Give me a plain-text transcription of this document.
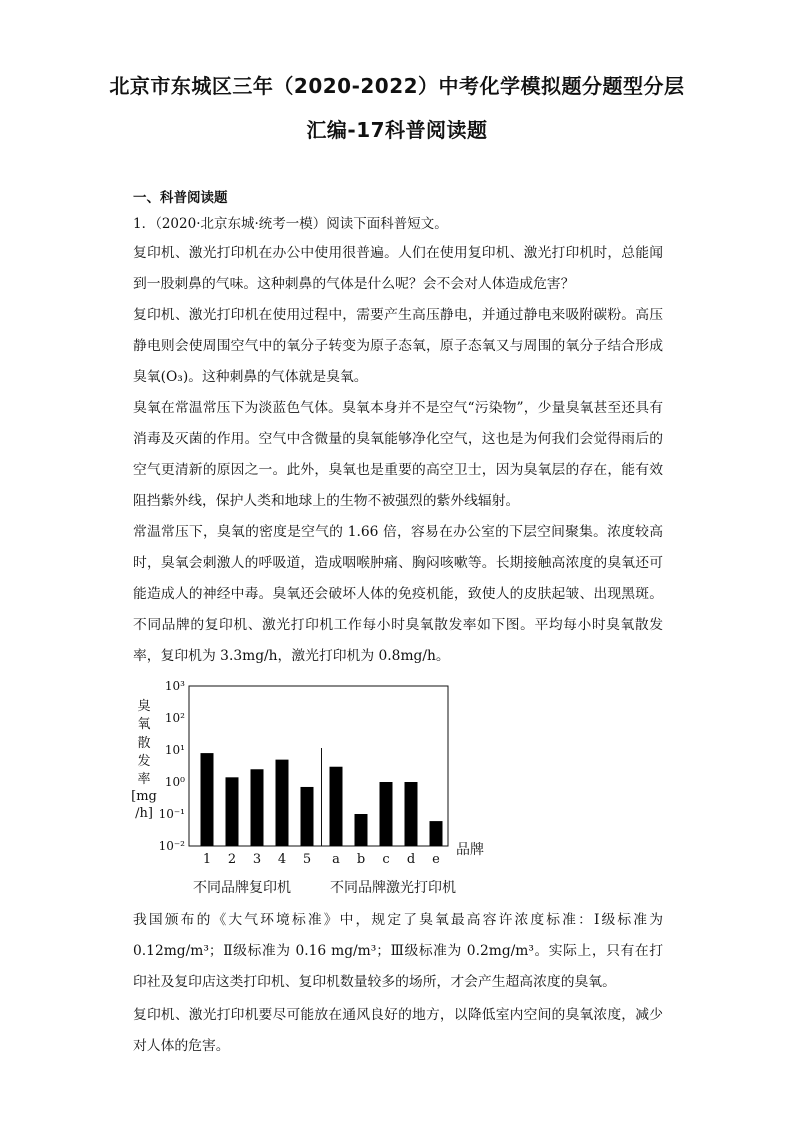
北京市东城区三年（2020-2022）中考化学模拟题分题型分层
汇编-17科普阅读题
一、科普阅读题
1．（2020·北京东城·统考一模）阅读下面科普短文。
复印机、激光打印机在办公中使用很普遍。人们在使用复印机、激光打印机时，总能闻到一股刺鼻的气味。这种刺鼻的气体是什么呢？会不会对人体造成危害？
复印机、激光打印机在使用过程中，需要产生高压静电，并通过静电来吸附碳粉。高压静电则会使周围空气中的氧分子转变为原子态氧，原子态氧又与周围的氧分子结合形成臭氧(O₃)。这种刺鼻的气体就是臭氧。
臭氧在常温常压下为淡蓝色气体。臭氧本身并不是空气“污染物”，少量臭氧甚至还具有消毒及灭菌的作用。空气中含微量的臭氧能够净化空气，这也是为何我们会觉得雨后的空气更清新的原因之一。此外，臭氧也是重要的高空卫士，因为臭氧层的存在，能有效阻挡紫外线，保护人类和地球上的生物不被强烈的紫外线辐射。
常温常压下，臭氧的密度是空气的 1.66 倍，容易在办公室的下层空间聚集。浓度较高时，臭氧会刺激人的呼吸道，造成咽喉肿痛、胸闷咳嗽等。长期接触高浓度的臭氧还可能造成人的神经中毒。臭氧还会破坏人体的免疫机能，致使人的皮肤起皱、出现黑斑。不同品牌的复印机、激光打印机工作每小时臭氧散发率如下图。平均每小时臭氧散发率，复印机为 3.3mg/h，激光打印机为 0.8mg/h。
10³
10²
10¹
10⁰
10⁻¹
10⁻²
臭
氧
散
发
率
[mg
/h]
1 2 3 4 5 a b c d e
品牌
不同品牌复印机	不同品牌激光打印机
我国颁布的《大气环境标准》中，规定了臭氧最高容许浓度标准：Ⅰ级标准为0.12mg/m³；Ⅱ级标准为 0.16 mg/m³；Ⅲ级标准为 0.2mg/m³。实际上，只有在打印社及复印店这类打印机、复印机数量较多的场所，才会产生超高浓度的臭氧。
复印机、激光打印机要尽可能放在通风良好的地方，以降低室内空间的臭氧浓度，减少对人体的危害。
